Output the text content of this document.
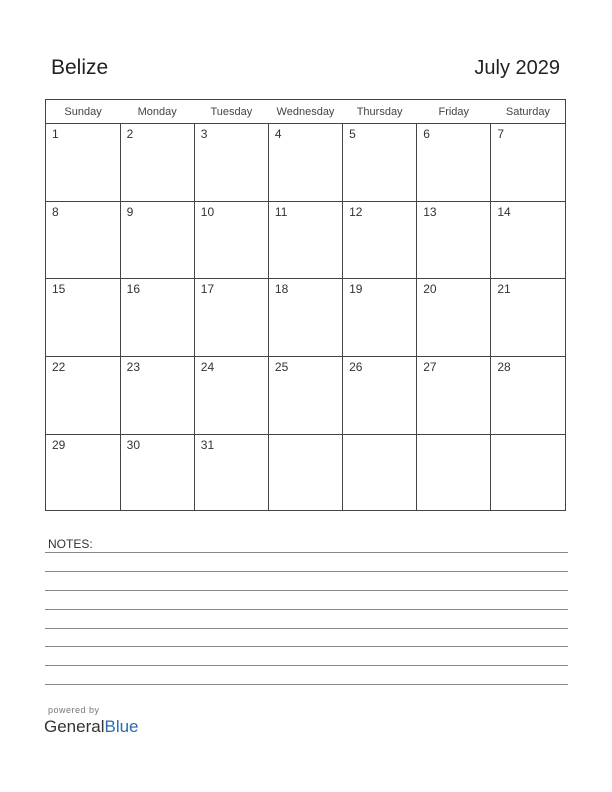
Belize	July 2029
Sunday	Monday	Tuesday	Wednesday	Thursday	Friday	Saturday
1	2	3	4	5	6	7
8	9	10	11	12	13	14
15	16	17	18	19	20	21
22	23	24	25	26	27	28
29	30	31				
NOTES:
powered by
GeneralBlue
